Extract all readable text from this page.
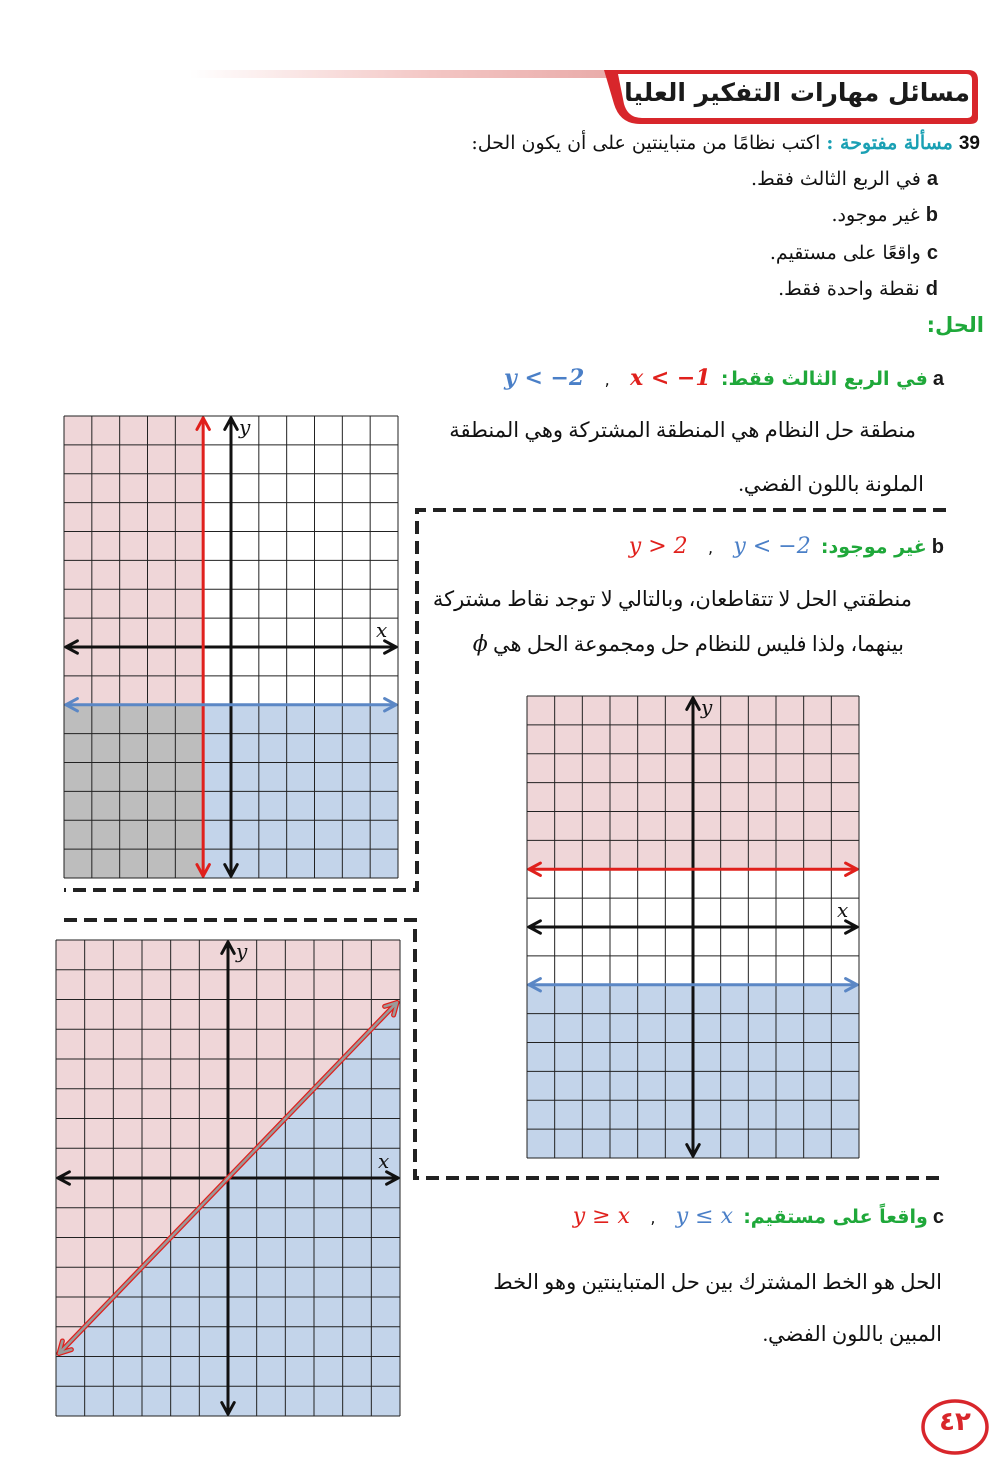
مسائل مهارات التفكير العليا
39 مسألة مفتوحة : اكتب نظامًا من متباينتين على أن يكون الحل:
a في الربع الثالث فقط.
b غير موجود.
c واقعًا على مستقيم.
d نقطة واحدة فقط.
الحل:
a في الربع الثالث فقط:  x < −1    ,    y < −2
منطقة حل النظام هي المنطقة المشتركة وهي المنطقة
الملونة باللون الفضي.
b غير موجود:  y < −2    ,    y > 2
منطقتي الحل لا تتقاطعان، وبالتالي لا توجد نقاط مشتركة
بينهما، ولذا فليس للنظام حل ومجموعة الحل هي ϕ
c واقعاً على مستقيم:  y ≤ x    ,    y ≥ x
الحل هو الخط المشترك بين حل المتباينتين وهو الخط
المبين باللون الفضي.
x
y
x
y
x
y
٤٢
